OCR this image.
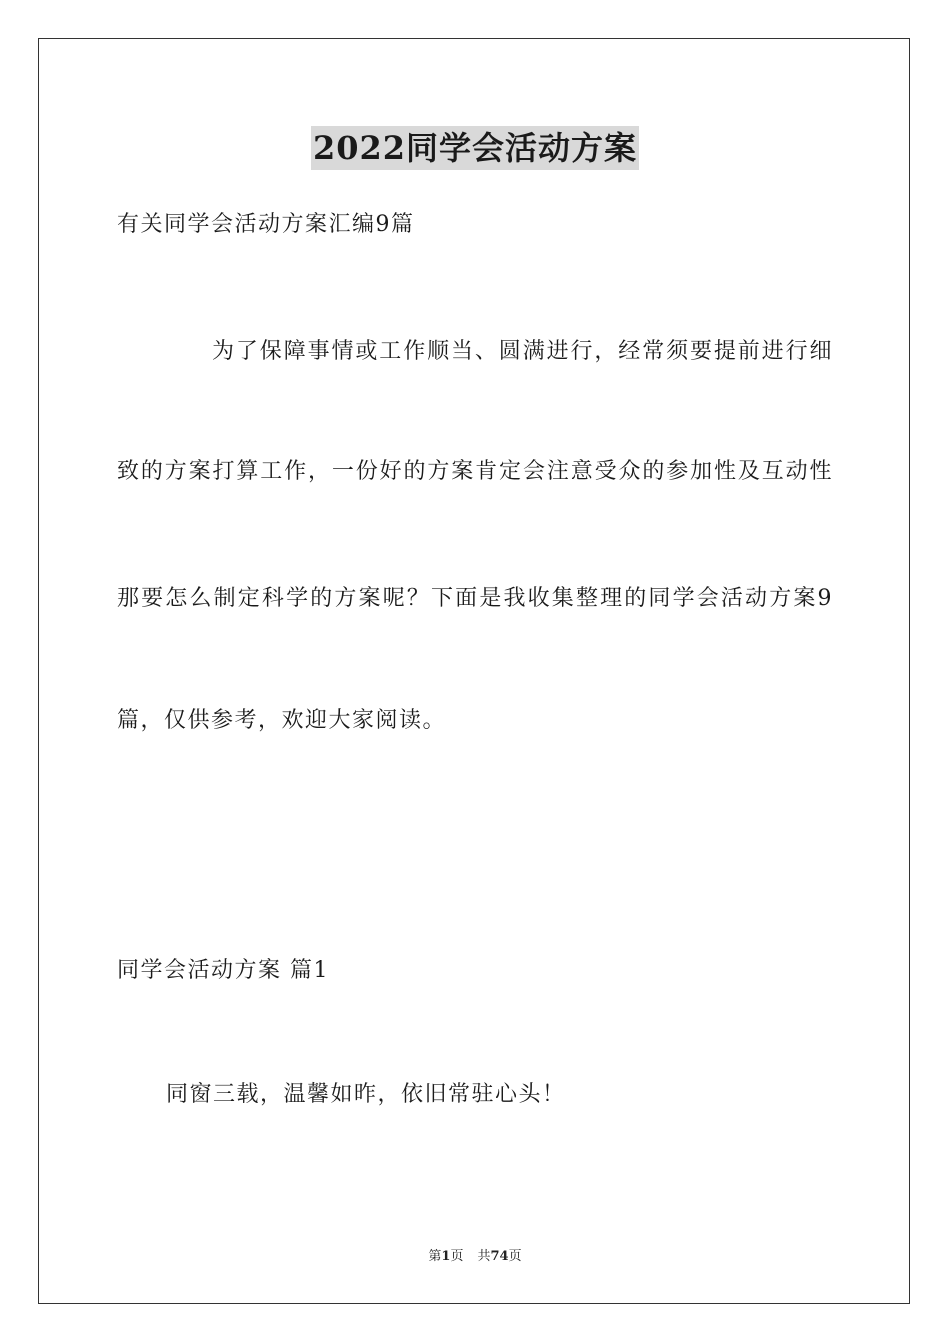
2022同学会活动方案
有关同学会活动方案汇编9篇
为了保障事情或工作顺当、圆满进行，经常须要提前进行细
致的方案打算工作，一份好的方案肯定会注意受众的参加性及互动性
那要怎么制定科学的方案呢？下面是我收集整理的同学会活动方案9
篇，仅供参考，欢迎大家阅读。
同学会活动方案 篇1
同窗三载，温馨如昨，依旧常驻心头！
第1页 共74页
